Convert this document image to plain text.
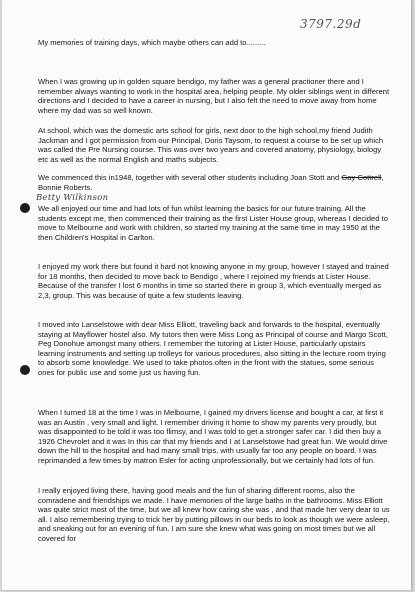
3797.29d
My memories of training days, which maybe others can add to.........

When I was growing up in golden square bendigo, my father was a general practioner there and I remember always wanting to work in the hospital area, helping people. My older siblings went in different directions and I decided to have a career in nursing, but I also felt the need to move away from home where my dad was so well known.

At school, which was the domestic arts school for girls, next door to the high school,my friend Judith Jackman and I got permission from our Principal, Doris Taysom, to request a course to be set up which was called the Pre Nursing course. This was over two years and covered anatomy, physiology, biology etc as well as the normal English and maths subjects.

We commenced this in1948, together with several other students including Joan Stott and Gay Cottrell, Bonnie Roberts.
Betty Wilkinson

We all enjoyed our time and had lots of fun whilst learning the basics for our future training. All the students except me, then commenced their training as the first Lister House group, whereas I decided to move to Melbourne and work with children, so started my training at the same time in may 1950 at the then Children's Hospital in Carlton.

I enjoyed my work there but found it hard not knowing anyone in my group, however I stayed and trained for 18 months, then decided to move back to Bendigo , where I rejoined my friends at Lister House. Because of the transfer I lost 6 months in time so started there in group 3, which eventually merged as 2,3, group. This was because of quite a few students leaving.

I moved into Lanselstowe with dear Miss Elliott, traveling back and forwards to the hospital, eventually staying at Mayflower hostel also. My tutors then were Miss Long as Principal of course and Margo Scott, Peg Donohue amongst many others. I remember the tutoring at Lister House, particularly upstairs learning instruments and setting up trolleys for various procedures, also sitting in the lecture room trying to absorb some knowledge. We used to take photos often in the front with the statues, some serious ones for public use and some just us having fun.

When I turned 18 at the time I was in Melbourne, I gained my drivers license and bought a car, at first it was an Austin , very small and light. I remember driving it home to show my parents very proudly, but was disappointed to be told it was too flimsy, and I was told to get a stronger safer car. I did then buy a 1926 Chevrolet and it was In this car that my friends and I at Lanselstowe had great fun. We would drive down the hill to the hospital and had many small trips, with usually far too any people on board. I was reprimanded a few times by matron Esler for acting unprofessionally, but we certainly had lots of fun.

I really enjoyed living there, having good meals and the fun of sharing different rooms, also the comradene and friendships we made. I have memories of the large baths in the bathrooms. Miss Elliott was quite strict most of the time, but we all knew how caring she was , and that made her very dear to us all. I also remembering trying to trick her by putting pillows in our beds to look as though we were asleep, and sneaking out for an evening of fun. I am sure she knew what was going on most times but we all covered for
